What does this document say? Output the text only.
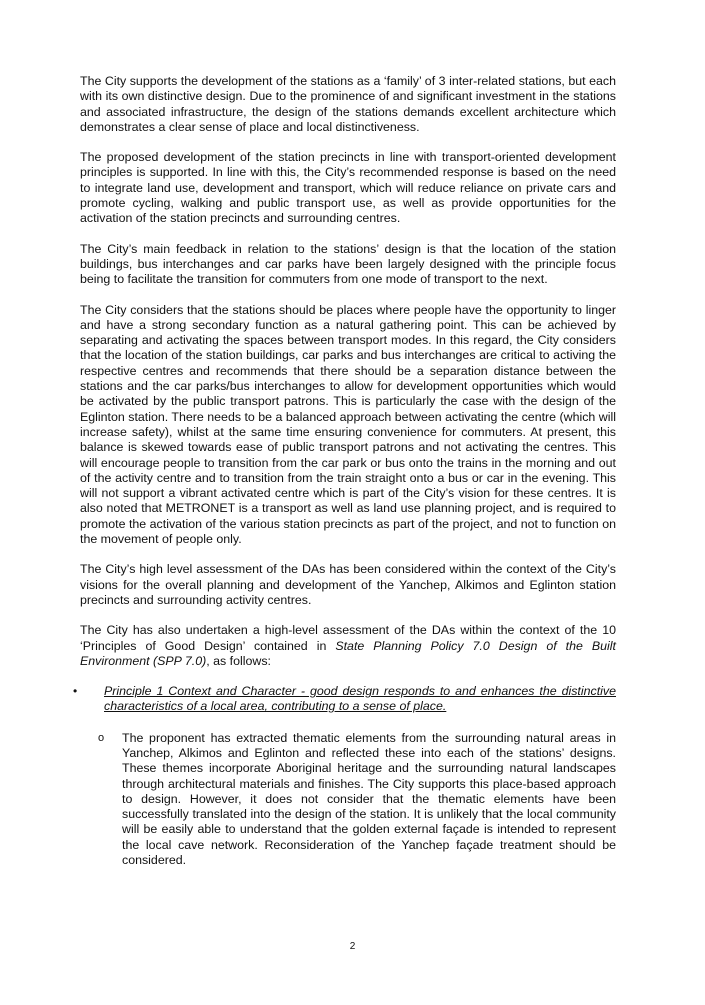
The City supports the development of the stations as a ‘family’ of 3 inter-related stations, but each with its own distinctive design. Due to the prominence of and significant investment in the stations and associated infrastructure, the design of the stations demands excellent architecture which demonstrates a clear sense of place and local distinctiveness.

The proposed development of the station precincts in line with transport-oriented development principles is supported. In line with this, the City’s recommended response is based on the need to integrate land use, development and transport, which will reduce reliance on private cars and promote cycling, walking and public transport use, as well as provide opportunities for the activation of the station precincts and surrounding centres.

The City’s main feedback in relation to the stations’ design is that the location of the station buildings, bus interchanges and car parks have been largely designed with the principle focus being to facilitate the transition for commuters from one mode of transport to the next.

The City considers that the stations should be places where people have the opportunity to linger and have a strong secondary function as a natural gathering point. This can be achieved by separating and activating the spaces between transport modes. In this regard, the City considers that the location of the station buildings, car parks and bus interchanges are critical to activing the respective centres and recommends that there should be a separation distance between the stations and the car parks/bus interchanges to allow for development opportunities which would be activated by the public transport patrons. This is particularly the case with the design of the Eglinton station. There needs to be a balanced approach between activating the centre (which will increase safety), whilst at the same time ensuring convenience for commuters. At present, this balance is skewed towards ease of public transport patrons and not activating the centres. This will encourage people to transition from the car park or bus onto the trains in the morning and out of the activity centre and to transition from the train straight onto a bus or car in the evening. This will not support a vibrant activated centre which is part of the City’s vision for these centres. It is also noted that METRONET is a transport as well as land use planning project, and is required to promote the activation of the various station precincts as part of the project, and not to function on the movement of people only.

The City’s high level assessment of the DAs has been considered within the context of the City’s visions for the overall planning and development of the Yanchep, Alkimos and Eglinton station precincts and surrounding activity centres.

The City has also undertaken a high-level assessment of the DAs within the context of the 10 ‘Principles of Good Design’ contained in State Planning Policy 7.0 Design of the Built Environment (SPP 7.0), as follows:

• Principle 1 Context and Character - good design responds to and enhances the distinctive characteristics of a local area, contributing to a sense of place.
o The proponent has extracted thematic elements from the surrounding natural areas in Yanchep, Alkimos and Eglinton and reflected these into each of the stations’ designs. These themes incorporate Aboriginal heritage and the surrounding natural landscapes through architectural materials and finishes. The City supports this place-based approach to design. However, it does not consider that the thematic elements have been successfully translated into the design of the station. It is unlikely that the local community will be easily able to understand that the golden external façade is intended to represent the local cave network. Reconsideration of the Yanchep façade treatment should be considered.
2
